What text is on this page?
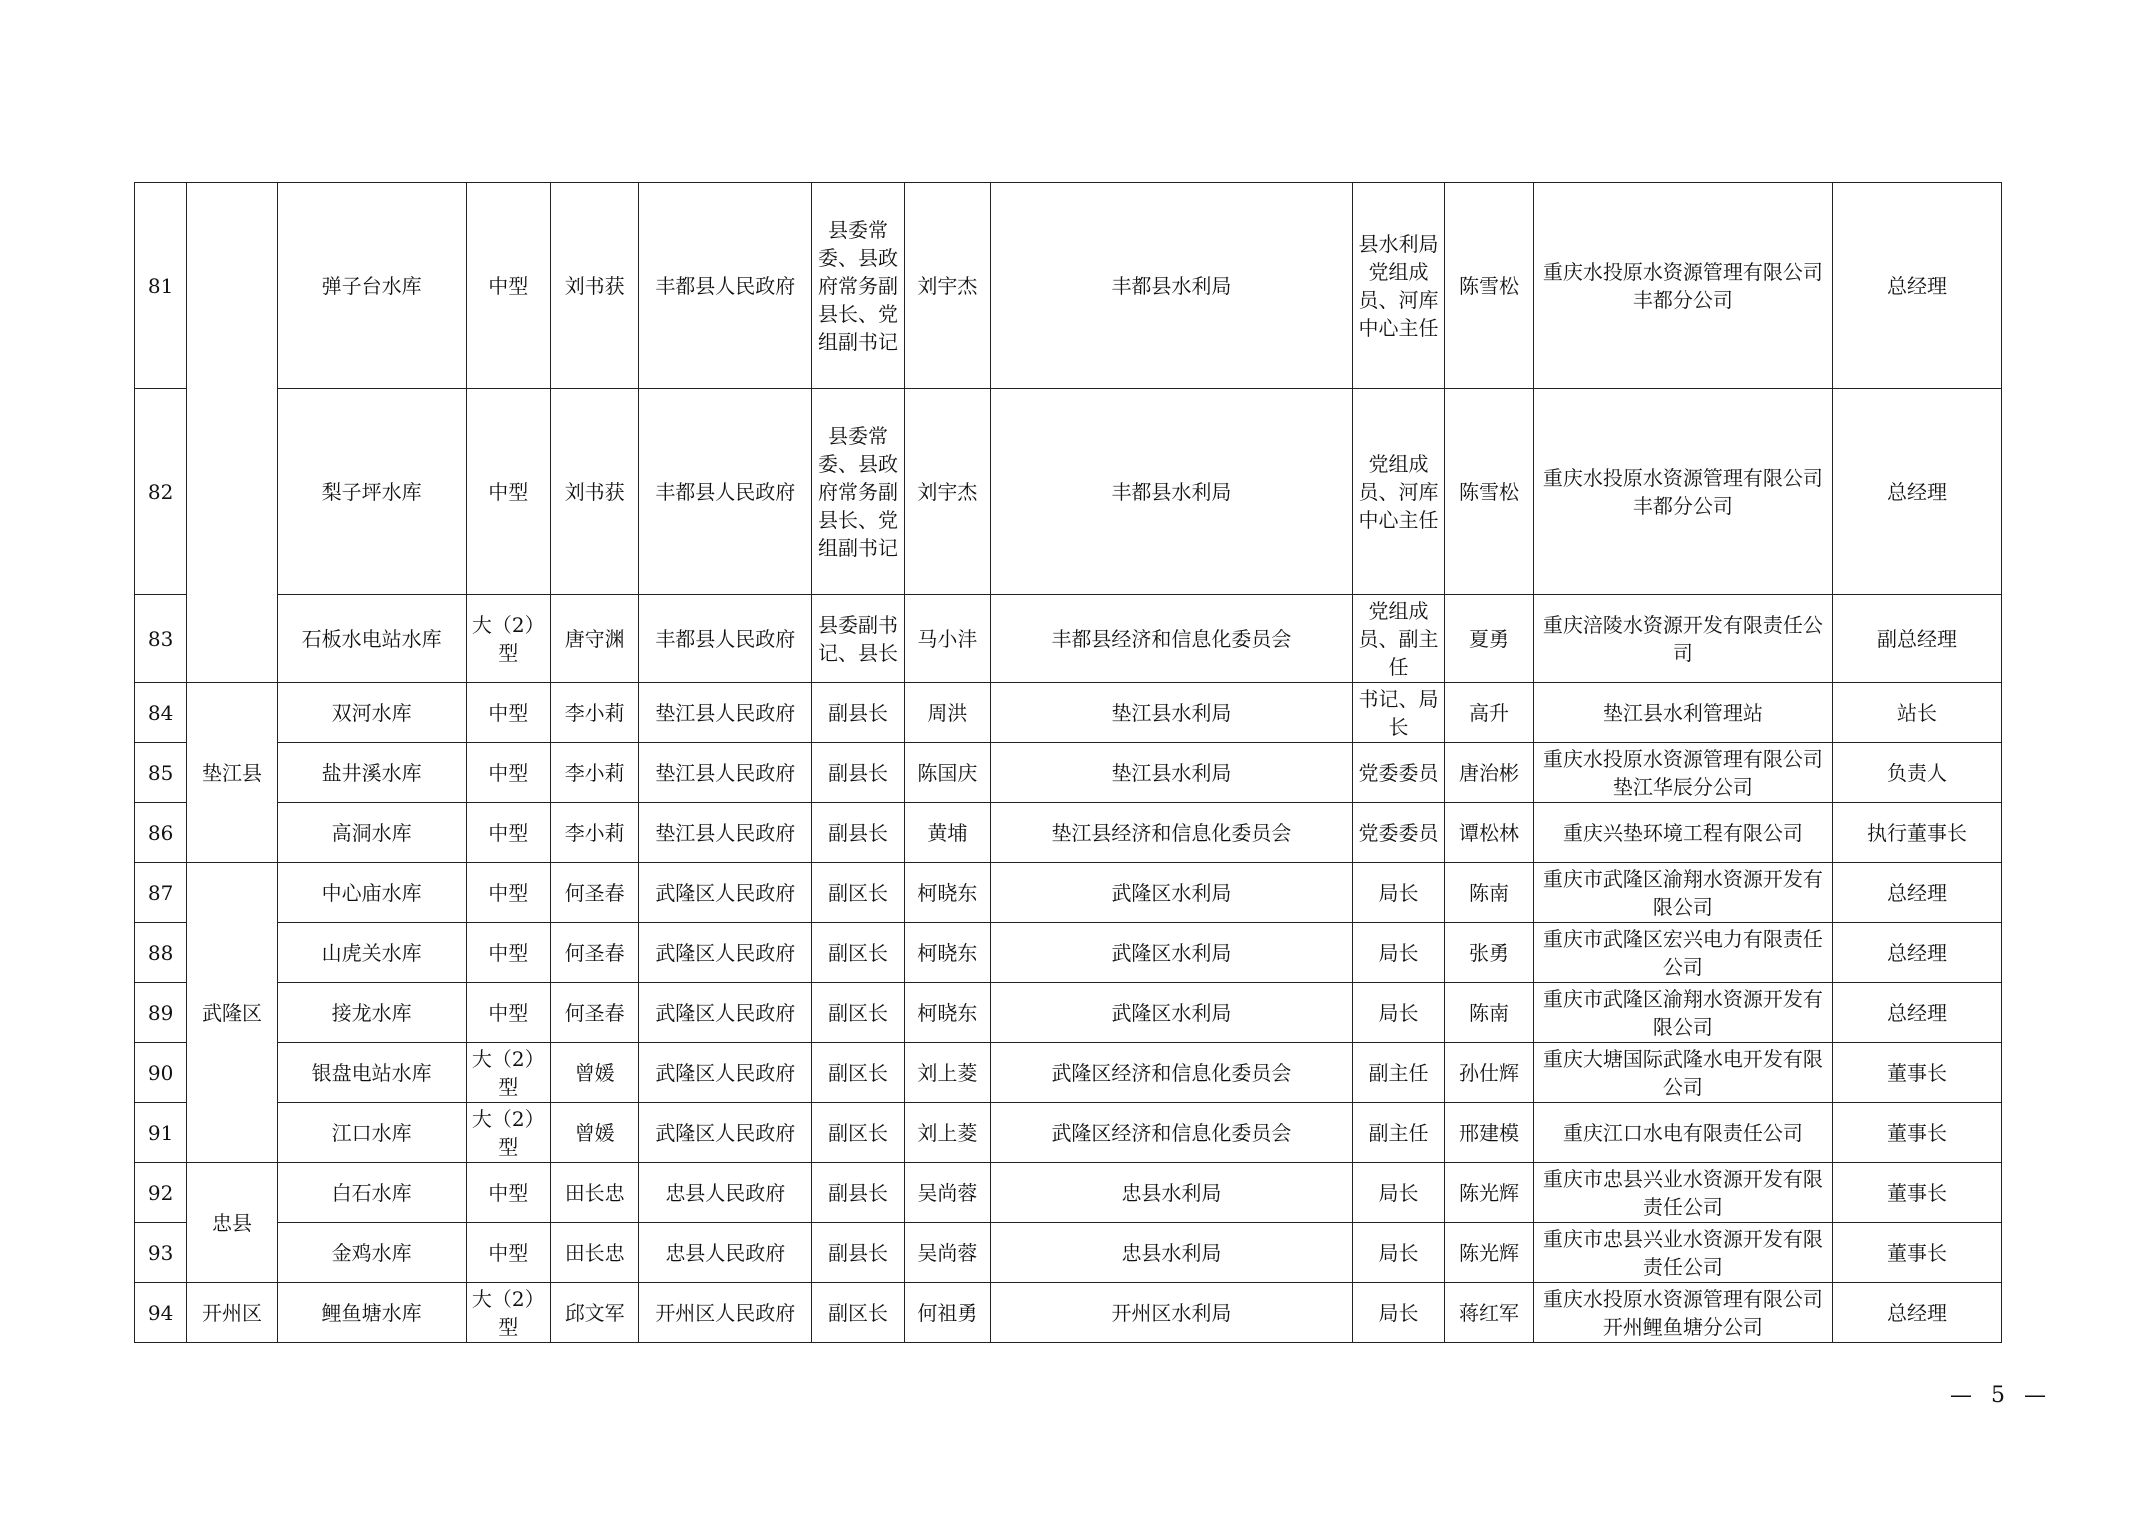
81		弹子台水库	中型	刘书获	丰都县人民政府	县委常委、县政府常务副县长、党组副书记	刘宇杰	丰都县水利局	县水利局党组成员、河库中心主任	陈雪松	重庆水投原水资源管理有限公司丰都分公司	总经理
82		梨子坪水库	中型	刘书获	丰都县人民政府	县委常委、县政府常务副县长、党组副书记	刘宇杰	丰都县水利局	党组成员、河库中心主任	陈雪松	重庆水投原水资源管理有限公司丰都分公司	总经理
83		石板水电站水库	大（2）型	唐守渊	丰都县人民政府	县委副书记、县长	马小沣	丰都县经济和信息化委员会	党组成员、副主任	夏勇	重庆涪陵水资源开发有限责任公司	副总经理
84	垫江县	双河水库	中型	李小莉	垫江县人民政府	副县长	周洪	垫江县水利局	书记、局长	高升	垫江县水利管理站	站长
85		盐井溪水库	中型	李小莉	垫江县人民政府	副县长	陈国庆	垫江县水利局	党委委员	唐治彬	重庆水投原水资源管理有限公司垫江华辰分公司	负责人
86		高洞水库	中型	李小莉	垫江县人民政府	副县长	黄埔	垫江县经济和信息化委员会	党委委员	谭松林	重庆兴垫环境工程有限公司	执行董事长
87	武隆区	中心庙水库	中型	何圣春	武隆区人民政府	副区长	柯晓东	武隆区水利局	局长	陈南	重庆市武隆区渝翔水资源开发有限公司	总经理
88		山虎关水库	中型	何圣春	武隆区人民政府	副区长	柯晓东	武隆区水利局	局长	张勇	重庆市武隆区宏兴电力有限责任公司	总经理
89		接龙水库	中型	何圣春	武隆区人民政府	副区长	柯晓东	武隆区水利局	局长	陈南	重庆市武隆区渝翔水资源开发有限公司	总经理
90		银盘电站水库	大（2）型	曾媛	武隆区人民政府	副区长	刘上菱	武隆区经济和信息化委员会	副主任	孙仕辉	重庆大塘国际武隆水电开发有限公司	董事长
91		江口水库	大（2）型	曾媛	武隆区人民政府	副区长	刘上菱	武隆区经济和信息化委员会	副主任	邢建模	重庆江口水电有限责任公司	董事长
92	忠县	白石水库	中型	田长忠	忠县人民政府	副县长	吴尚蓉	忠县水利局	局长	陈光辉	重庆市忠县兴业水资源开发有限责任公司	董事长
93		金鸡水库	中型	田长忠	忠县人民政府	副县长	吴尚蓉	忠县水利局	局长	陈光辉	重庆市忠县兴业水资源开发有限责任公司	董事长
94	开州区	鲤鱼塘水库	大（2）型	邱文军	开州区人民政府	副区长	何祖勇	开州区水利局	局长	蒋红军	重庆水投原水资源管理有限公司开州鲤鱼塘分公司	总经理
— 5 —
